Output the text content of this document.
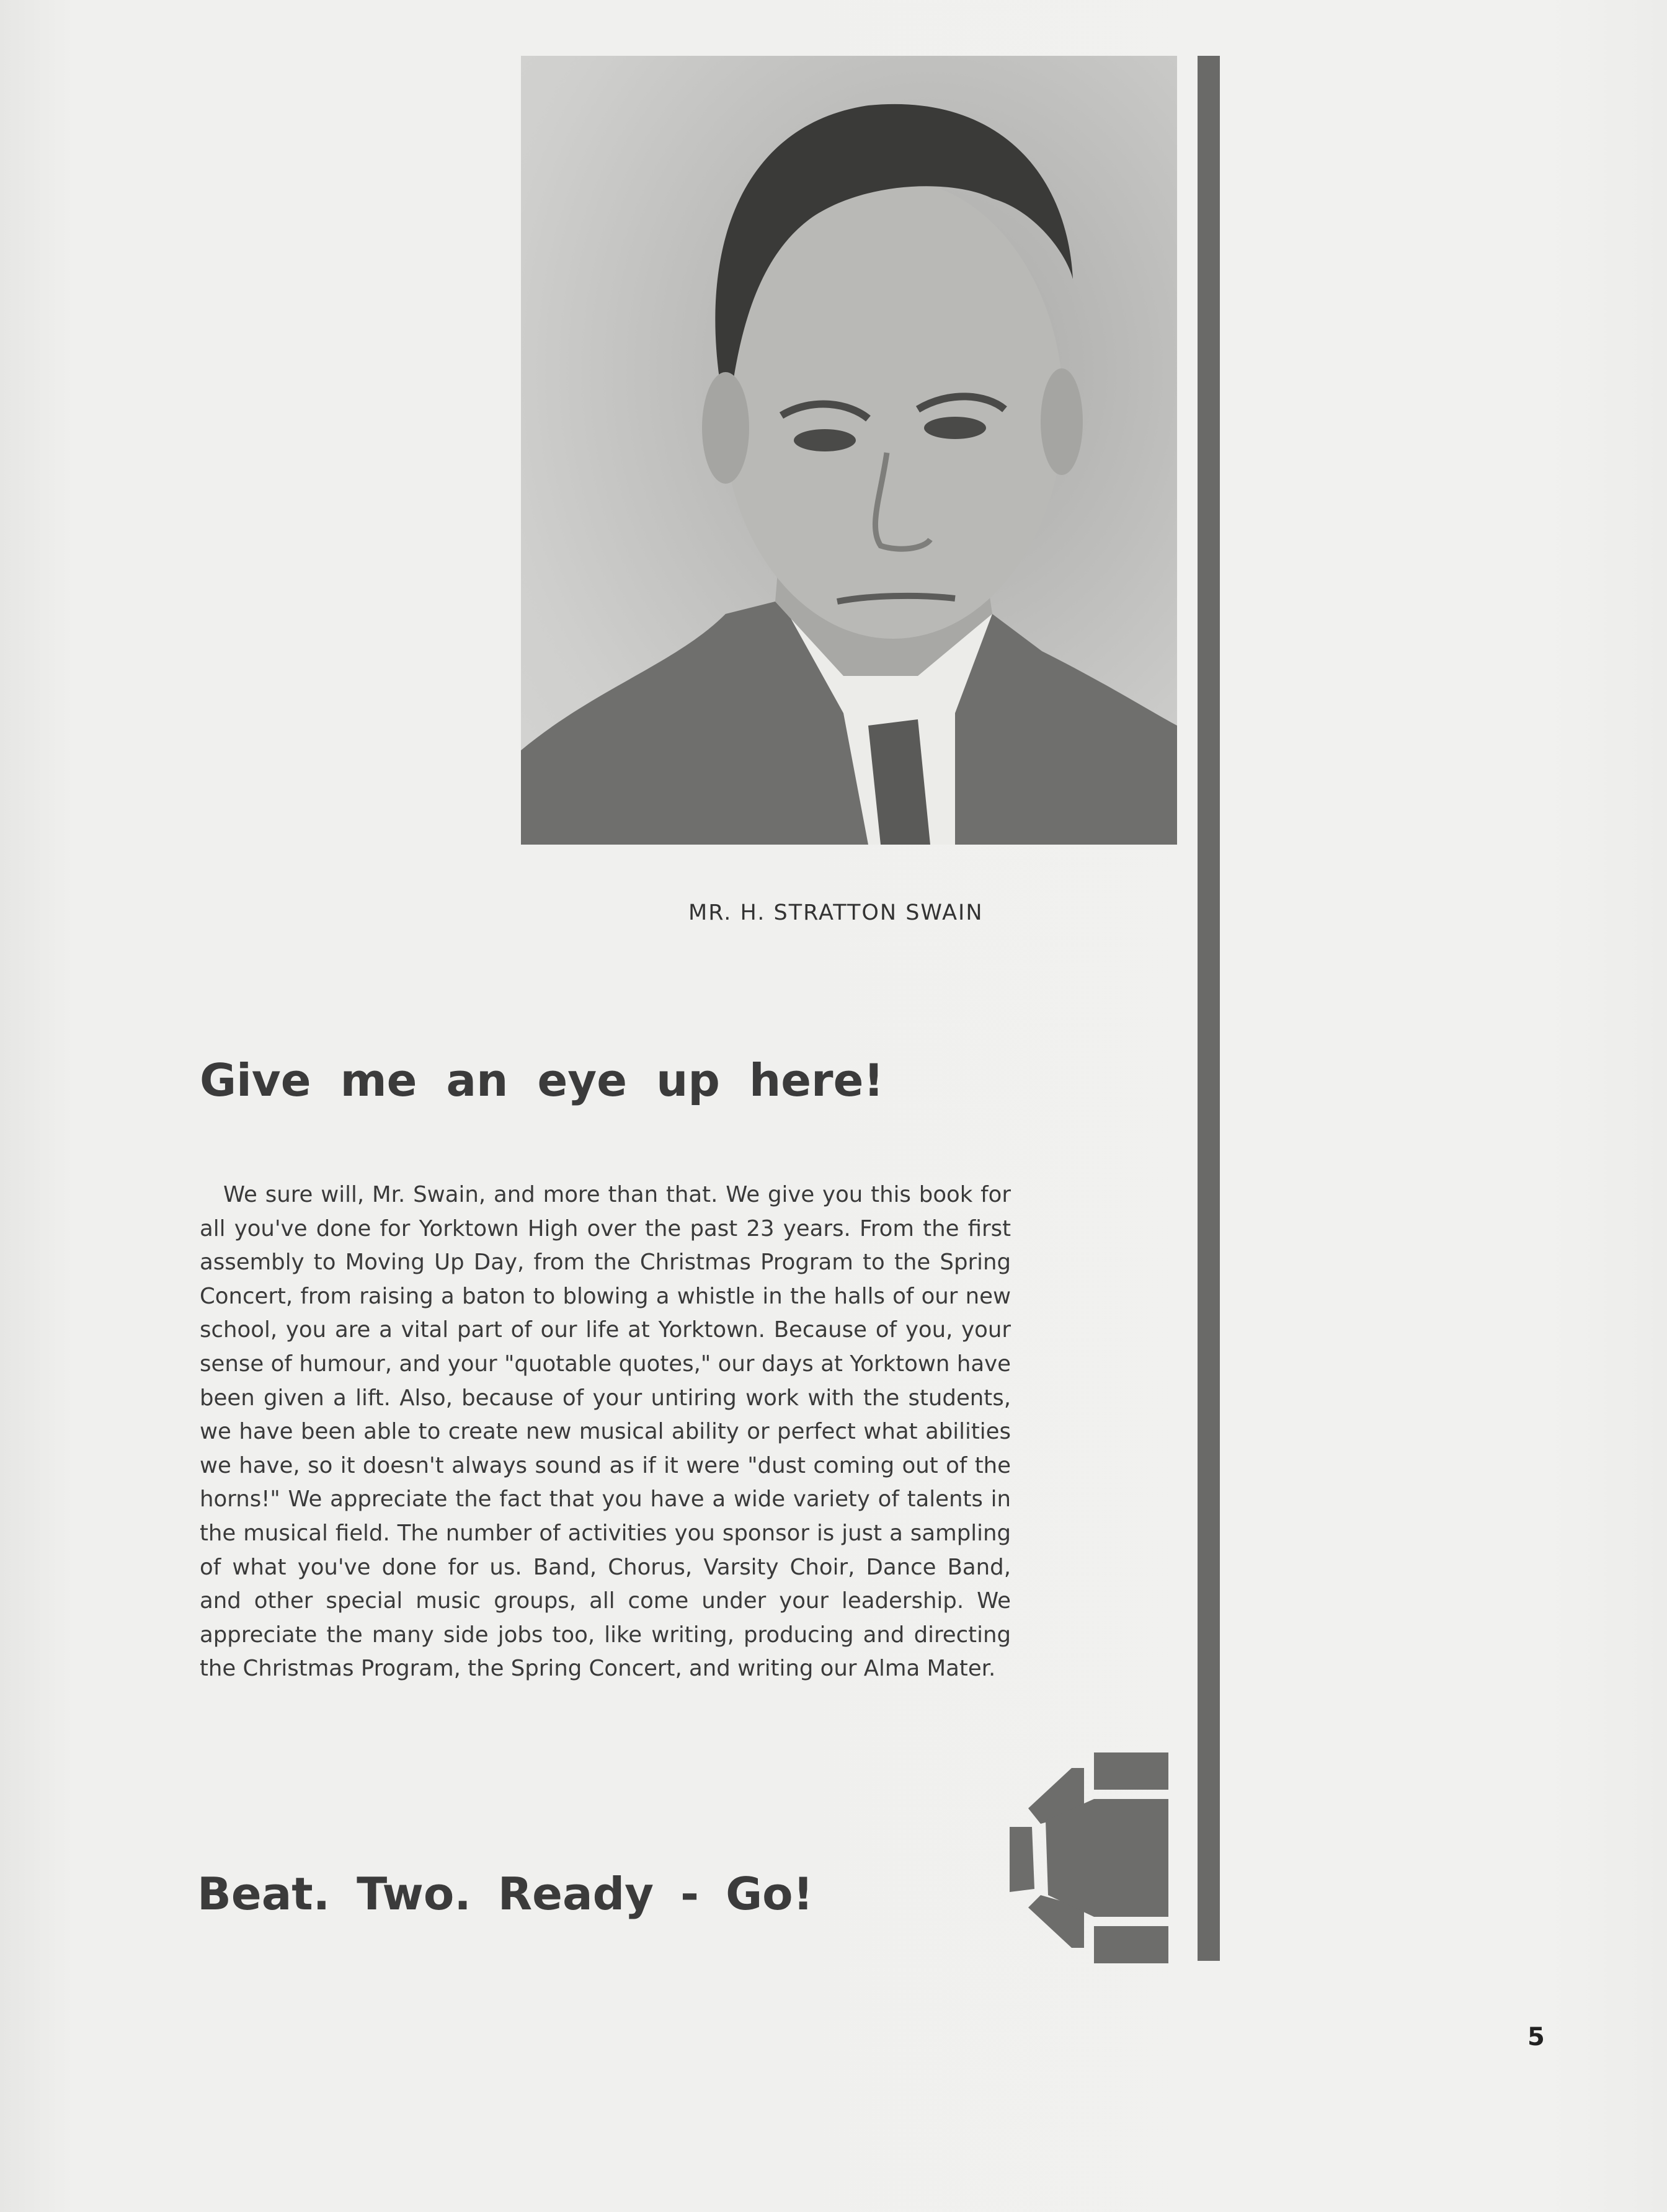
MR. H. STRATTON SWAIN
Give me an eye up here!
We sure will, Mr. Swain, and more than that. We give you this book for all you've done for Yorktown High over the past 23 years. From the first assembly to Moving Up Day, from the Christmas Program to the Spring Concert, from raising a baton to blowing a whistle in the halls of our new school, you are a vital part of our life at Yorktown. Because of you, your sense of humour, and your "quotable quotes," our days at Yorktown have been given a lift. Also, because of your untiring work with the students, we have been able to create new musical ability or perfect what abilities we have, so it doesn't always sound as if it were "dust coming out of the horns!" We appreciate the fact that you have a wide variety of talents in the musical field. The number of activities you sponsor is just a sampling of what you've done for us. Band, Chorus, Varsity Choir, Dance Band, and other special music groups, all come under your leadership. We appreciate the many side jobs too, like writing, producing and directing the Christmas Program, the Spring Concert, and writing our Alma Mater.
Beat. Two. Ready - Go!
5
